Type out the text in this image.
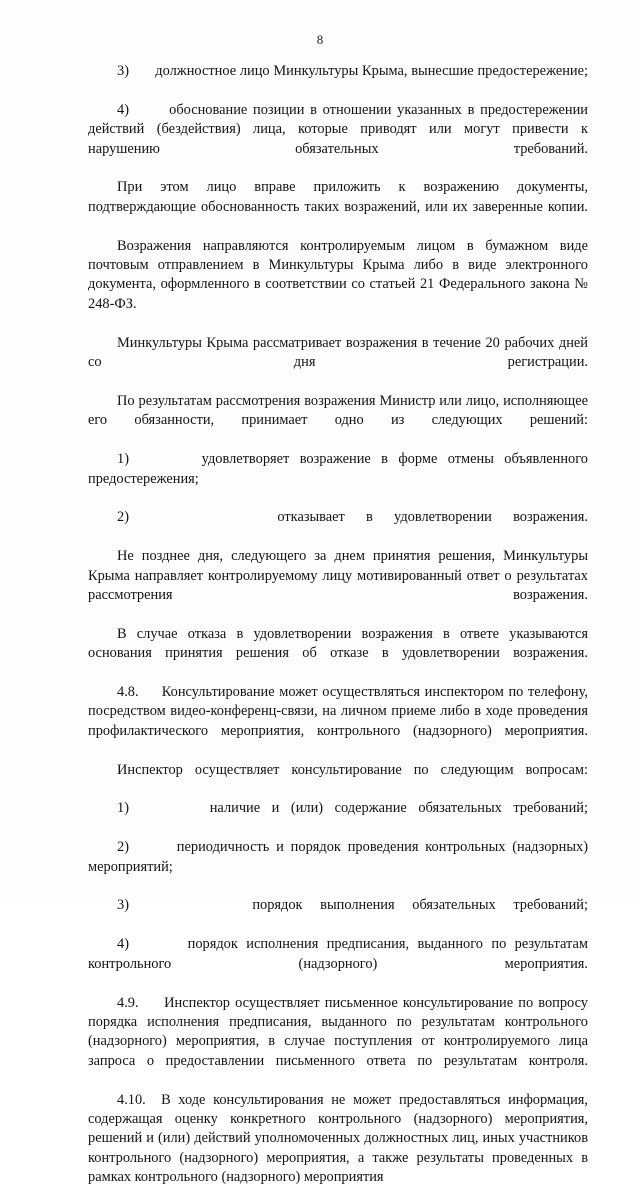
8

3)       должностное лицо Минкультуры Крыма, вынесшие предостережение;

4)       обоснование позиции в отношении указанных в предостережении действий (бездействия) лица, которые приводят или могут привести к нарушению обязательных требований.

При этом лицо вправе приложить к возражению документы, подтверждающие обоснованность таких возражений, или их заверенные копии.

Возражения направляются контролируемым лицом в бумажном виде почтовым отправлением в Минкультуры Крыма либо в виде электронного документа, оформленного в соответствии со статьей 21 Федерального закона № 248-ФЗ.

Минкультуры Крыма рассматривает возражения в течение 20 рабочих дней со дня регистрации.

По результатам рассмотрения возражения Министр или лицо, исполняющее его обязанности, принимает одно из следующих решений:

1)       удовлетворяет возражение в форме отмены объявленного предостережения;

2)       отказывает в удовлетворении возражения.

Не позднее дня, следующего за днем принятия решения, Минкультуры Крыма направляет контролируемому лицу мотивированный ответ о результатах рассмотрения возражения.

В случае отказа в удовлетворении возражения в ответе указываются основания принятия решения об отказе в удовлетворении возражения.

4.8.     Консультирование может осуществляться инспектором по телефону, посредством видео-конференц-связи, на личном приеме либо в ходе проведения профилактического мероприятия, контрольного (надзорного) мероприятия.

Инспектор осуществляет консультирование по следующим вопросам:

1)       наличие и (или) содержание обязательных требований;

2)       периодичность и порядок проведения контрольных (надзорных) мероприятий;

3)       порядок выполнения обязательных требований;

4)       порядок исполнения предписания, выданного по результатам контрольного (надзорного) мероприятия.

4.9.     Инспектор осуществляет письменное консультирование по вопросу порядка исполнения предписания, выданного по результатам контрольного (надзорного) мероприятия, в случае поступления от контролируемого лица запроса о предоставлении письменного ответа по результатам контроля.

4.10.  В ходе консультирования не может предоставляться информация, содержащая оценку конкретного контрольного (надзорного) мероприятия, решений и (или) действий уполномоченных должностных лиц, иных участников контрольного (надзорного) мероприятия, а также результаты проведенных в рамках контрольного (надзорного) мероприятия
